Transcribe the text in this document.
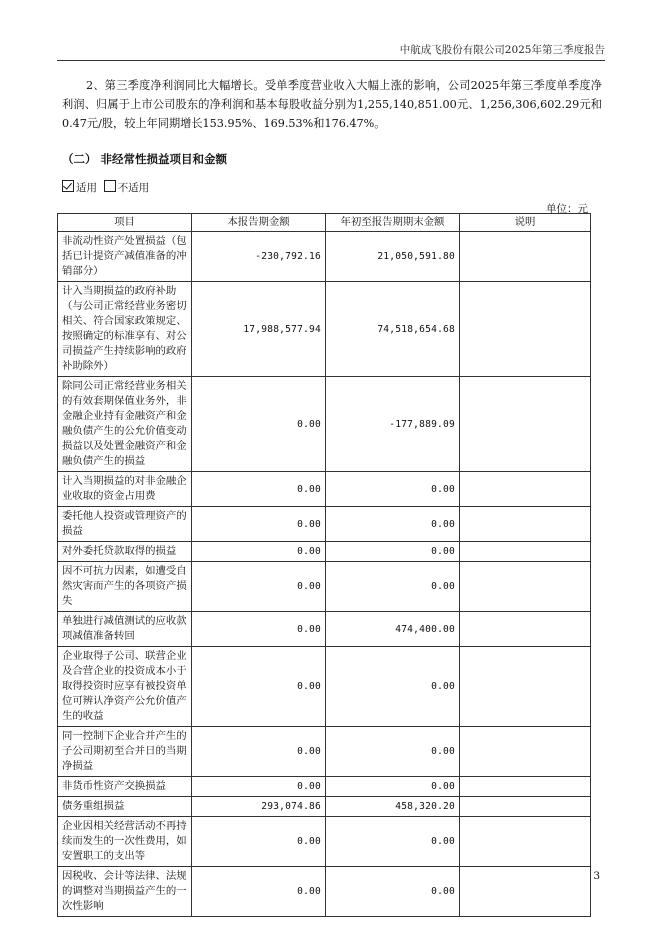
中航成飞股份有限公司2025年第三季度报告
2、第三季度净利润同比大幅增长。受单季度营业收入大幅上涨的影响，公司2025年第三季度单季度净利润、归属于上市公司股东的净利润和基本每股收益分别为1,255,140,851.00元、1,256,306,602.29元和0.47元/股，较上年同期增长153.95%、169.53%和176.47%。
（二） 非经常性损益项目和金额
适用 不适用
单位：元
项目	本报告期金额	年初至报告期期末金额	说明
非流动性资产处置损益（包括已计提资产减值准备的冲销部分）	-230,792.16	21,050,591.80	
计入当期损益的政府补助（与公司正常经营业务密切相关、符合国家政策规定、按照确定的标准享有、对公司损益产生持续影响的政府补助除外）	17,988,577.94	74,518,654.68	
除同公司正常经营业务相关的有效套期保值业务外，非金融企业持有金融资产和金融负债产生的公允价值变动损益以及处置金融资产和金融负债产生的损益	0.00	-177,889.09	
计入当期损益的对非金融企业收取的资金占用费	0.00	0.00	
委托他人投资或管理资产的损益	0.00	0.00	
对外委托贷款取得的损益	0.00	0.00	
因不可抗力因素，如遭受自然灾害而产生的各项资产损失	0.00	0.00	
单独进行减值测试的应收款项减值准备转回	0.00	474,400.00	
企业取得子公司、联营企业及合营企业的投资成本小于取得投资时应享有被投资单位可辨认净资产公允价值产生的收益	0.00	0.00	
同一控制下企业合并产生的子公司期初至合并日的当期净损益	0.00	0.00	
非货币性资产交换损益	0.00	0.00	
债务重组损益	293,074.86	458,320.20	
企业因相关经营活动不再持续而发生的一次性费用，如安置职工的支出等	0.00	0.00	
因税收、会计等法律、法规的调整对当期损益产生的一次性影响	0.00	0.00	
3
